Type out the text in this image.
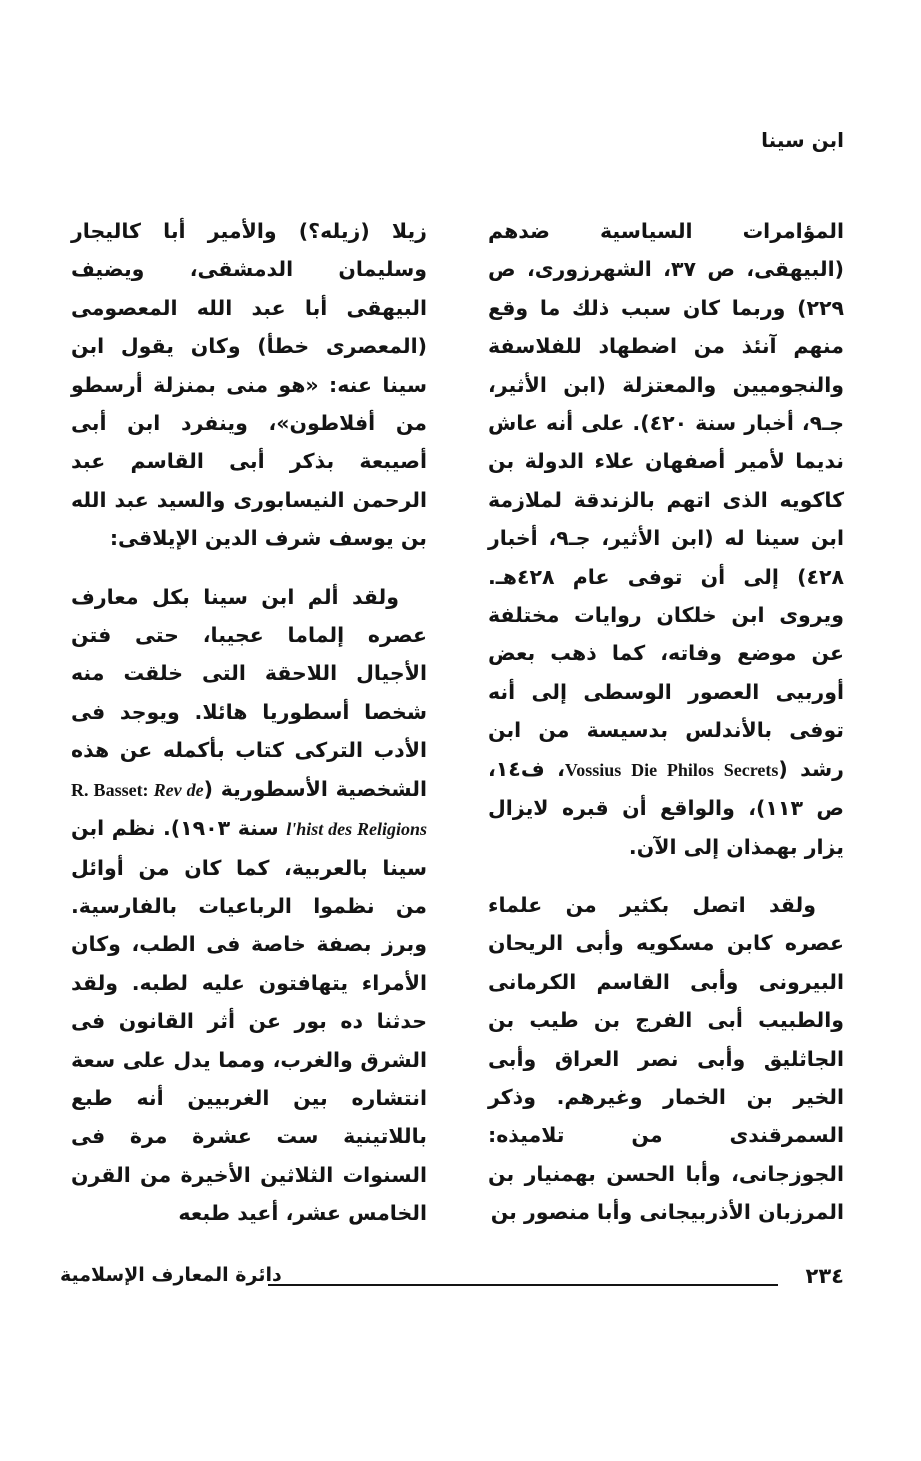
ابن سينا

المؤامرات السياسية ضدهم (البيهقى، ص ٣٧، الشهرزورى، ص ٢٢٩) وربما كان سبب ذلك ما وقع منهم آنئذ من اضطهاد للفلاسفة والنجوميين والمعتزلة (ابن الأثير، جـ٩، أخبار سنة ٤٢٠). على أنه عاش نديما لأمير أصفهان علاء الدولة بن كاكويه الذى اتهم بالزندقة لملازمة ابن سينا له (ابن الأثير، جـ٩، أخبار ٤٢٨) إلى أن توفى عام ٤٢٨هـ. ويروى ابن خلكان روايات مختلفة عن موضع وفاته، كما ذهب بعض أوربيى العصور الوسطى إلى أنه توفى بالأندلس بدسيسة من ابن رشد (Vossius Die Philos Secrets، ف١٤، ص ١١٣)، والواقع أن قبره لايزال يزار بهمذان إلى الآن.

ولقد اتصل بكثير من علماء عصره كابن مسكويه وأبى الريحان البيرونى وأبى القاسم الكرمانى والطبيب أبى الفرج بن طيب بن الجاثليق وأبى نصر العراق وأبى الخير بن الخمار وغيرهم. وذكر السمرقندى من تلاميذه: الجوزجانى، وأبا الحسن بهمنيار بن المرزبان الأذربيجانى وأبا منصور بن

زيلا (زيله؟) والأمير أبا كاليجار وسليمان الدمشقى، ويضيف البيهقى أبا عبد الله المعصومى (المعصرى خطأ) وكان يقول ابن سينا عنه: «هو منى بمنزلة أرسطو من أفلاطون»، وينفرد ابن أبى أصيبعة بذكر أبى القاسم عبد الرحمن النيسابورى والسيد عبد الله بن يوسف شرف الدين الإيلاقى:

ولقد ألم ابن سينا بكل معارف عصره إلماما عجيبا، حتى فتن الأجيال اللاحقة التى خلقت منه شخصا أسطوريا هائلا. ويوجد فى الأدب التركى كتاب بأكمله عن هذه الشخصية الأسطورية (R. Basset: Rev de l'hist des Religions سنة ١٩٠٣). نظم ابن سينا بالعربية، كما كان من أوائل من نظموا الرباعيات بالفارسية. وبرز بصفة خاصة فى الطب، وكان الأمراء يتهافتون عليه لطبه. ولقد حدثنا ده بور عن أثر القانون فى الشرق والغرب، ومما يدل على سعة انتشاره بين الغربيين أنه طبع باللاتينية ست عشرة مرة فى السنوات الثلاثين الأخيرة من القرن الخامس عشر، أعيد طبعه

٢٣٤
دائرة المعارف الإسلامية
